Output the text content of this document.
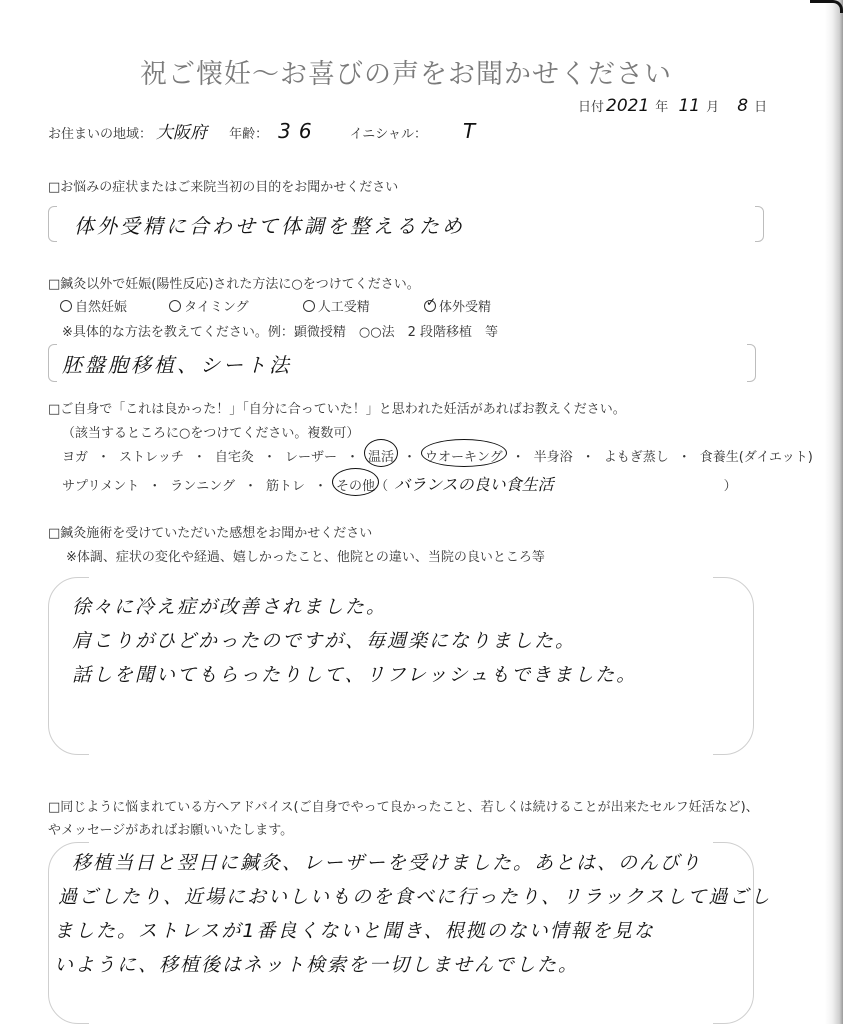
祝ご懐妊～お喜びの声をお聞かせください
日付 2021 年 11 月 8 日
お住まいの地域： 大阪府 年齢： 36 イニシャル： T
□お悩みの症状またはご来院当初の目的をお聞かせください
体外受精に合わせて体調を整えるため
□鍼灸以外で妊娠(陽性反応)された方法に○をつけてください。
自然妊娠	タイミング	人工受精	✓ 体外受精
※具体的な方法を教えてください。例：顕微授精　○○法　2 段階移植　等
胚盤胞移植、シート法
□ご自身で「これは良かった！」「自分に合っていた！」と思われた妊活があればお教えください。
（該当するところに○をつけてください。複数可）
ヨガ ・ ストレッチ ・ 自宅灸 ・ レーザー ・ 温活 ・ ウオーキング ・ 半身浴 ・ よもぎ蒸し ・ 食養生(ダイエット)
サプリメント ・ ランニング ・ 筋トレ ・ その他（ バランスの良い食生活	）
□鍼灸施術を受けていただいた感想をお聞かせください
※体調、症状の変化や経過、嬉しかったこと、他院との違い、当院の良いところ等
徐々に冷え症が改善されました。
肩こりがひどかったのですが、毎週楽になりました。
話しを聞いてもらったりして、リフレッシュもできました。
□同じように悩まれている方へアドバイス(ご自身でやって良かったこと、若しくは続けることが出来たセルフ妊活など)、
やメッセージがあればお願いいたします。
移植当日と翌日に鍼灸、レーザーを受けました。あとは、のんびり
過ごしたり、近場においしいものを食べに行ったり、リラックスして過ごし
ました。ストレスが1番良くないと聞き、根拠のない情報を見な
いように、移植後はネット検索を一切しませんでした。
